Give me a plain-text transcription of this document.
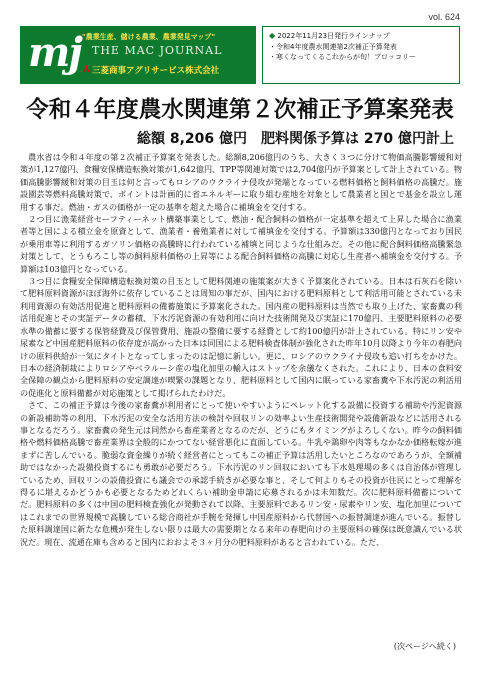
vol. 624
mj "農業生産、儲ける農業、農業発見マップ"
THE MAC JOURNAL
三菱商事アグリサービス株式会社
◆ 2022年11月23日発行ラインナップ
・令和4年度農水関連第2次補正予算発表
・寒くなってくるこれからが旬！ブロッコリー
令和４年度農水関連第２次補正予算案発表
総額 8,206 億円　肥料関係予算は 270 億円計上

農水省は令和４年度の第２次補正予算案を発表した。総額8,206億円のうち、大きく３つに分けて物価高騰影響緩和対策が1,127億円、食糧安保構造転換対策が1,642億円、TPP等関連対策では2,704億円が予算案として計上されている。物価高騰影響緩和対策の目玉は何と言ってもロシアのウクライナ侵攻が発端となっている燃料価格と飼料価格の高騰だ。施設園芸等燃料高騰対策で、ポイントは計画的に省エネルギーに取り組む産地を対象として農業者と国とで基金を設立し運用する事だ。燃油・ガスの価格が一定の基準を超えた場合に補填金を交付する。

２つ目に漁業経営セーフティーネット構築事業として、燃油・配合飼料の価格が一定基準を超えて上昇した場合に漁業者等と国による積立金を原資として、漁業者・養殖業者に対して補填金を交付する。予算額は330億円となっており国民が乗用車等に利用するガソリン価格の高騰時に行われている補填と同じような仕組みだ。その他に配合飼料価格高騰緊急対策として、とうもろこし等の飼料原料価格の上昇等による配合飼料価格の高騰に対応し生産者へ補填金を交付する。予算額は103億円となっている。

３つ目に食糧安全保障構造転換対策の目玉として肥料関連の施策案が大きく予算案化されている。日本は石灰石を除いて肥料原料資源がほぼ海外に依存していることは周知の事だが、国内における肥料原料として利活用可能とされている未利用資源の有効活用促進と肥料原料の備蓄施策に予算案化された。国内産の肥料原料は当然でも取り上げた、家畜糞の利活用促進とその実証データの蓄積、下水汚泥資源の有効利用に向けた技術開発及び実証に170億円、主要肥料原料の必要水準の備蓄に要する保管経費及び保管費用、施設の整備に要する経費として約100億円が計上されている。特にリン安や尿素など中国産肥料原料の依存度が高かった日本は同国による肥料検査体制が強化された昨年10月以降より今年の春肥向けの原料供給が一気にタイトとなってしまったのは記憶に新しい。更に、ロシアのウクライナ侵攻も追い打ちをかけた。日本の経済制裁によりロシアやベラルーシ産の塩化加里の輸入はストップを余儀なくされた。これにより、日本の食料安全保障の観点から肥料原料の安定調達が喫緊の課題となり、肥料原料として国内に眠っている家畜糞や下水汚泥の利活用の促進化と原料備蓄が対応施策として掲げられたわけだ。

さて、この補正予算は今後の家畜糞が利用者にとって使いやすいようにペレット化する設備に投資する補助や汚泥資源の新設補助等の利用、下水汚泥の安全な活用方法の検討や回収リンの効率よい生産技術開発や設備新設などに活用される事となるだろう。家畜糞の発生元は同然から畜産業者となるのだが、どうにもタイミングがよろしくない。昨今の飼料価格や燃料価格高騰で畜産業界は全般的にかつてない経営悪化に直面している。牛乳や鶏卵や肉等もなかなか価格転嫁が進まずに苦しんでいる。脆弱な資金繰りが続く経営者にとってもこの補正予算は活用したいところなのであろうが、全額補助ではなかった設備投資するにも勇敢が必要だろう。下水汚泥のリン回収においても下水処理場の多くは自治体が管理しているため、回収リンの設備投資にも議会での承認手続きが必要な事と、そして何よりもその投資が住民にとって理解を得るに堪えるかどうかも必要となるためどれくらい補助金申請に応募されるかは未知数だ。次に肥料原料備蓄についてだ。肥料原料の多くは中国の肥料検査強化が発動されて以降、主要原料であるリン安・尿素やリン安、塩化加里についてはこれまでの世界規模で高騰している総合商社が手腕を発揮し中国産原料から代替国への振替調達が進んでいる。振替した原料調達国に新たな危機が発生しない限りは最大の需要期となる来年の春肥向けの主要原料の確保は既意識んでいる状況だ。現在、流通在庫も含めると国内におおよそ３ヶ月分の肥料原料があると言われている。ただ、

(次ページへ続く)
